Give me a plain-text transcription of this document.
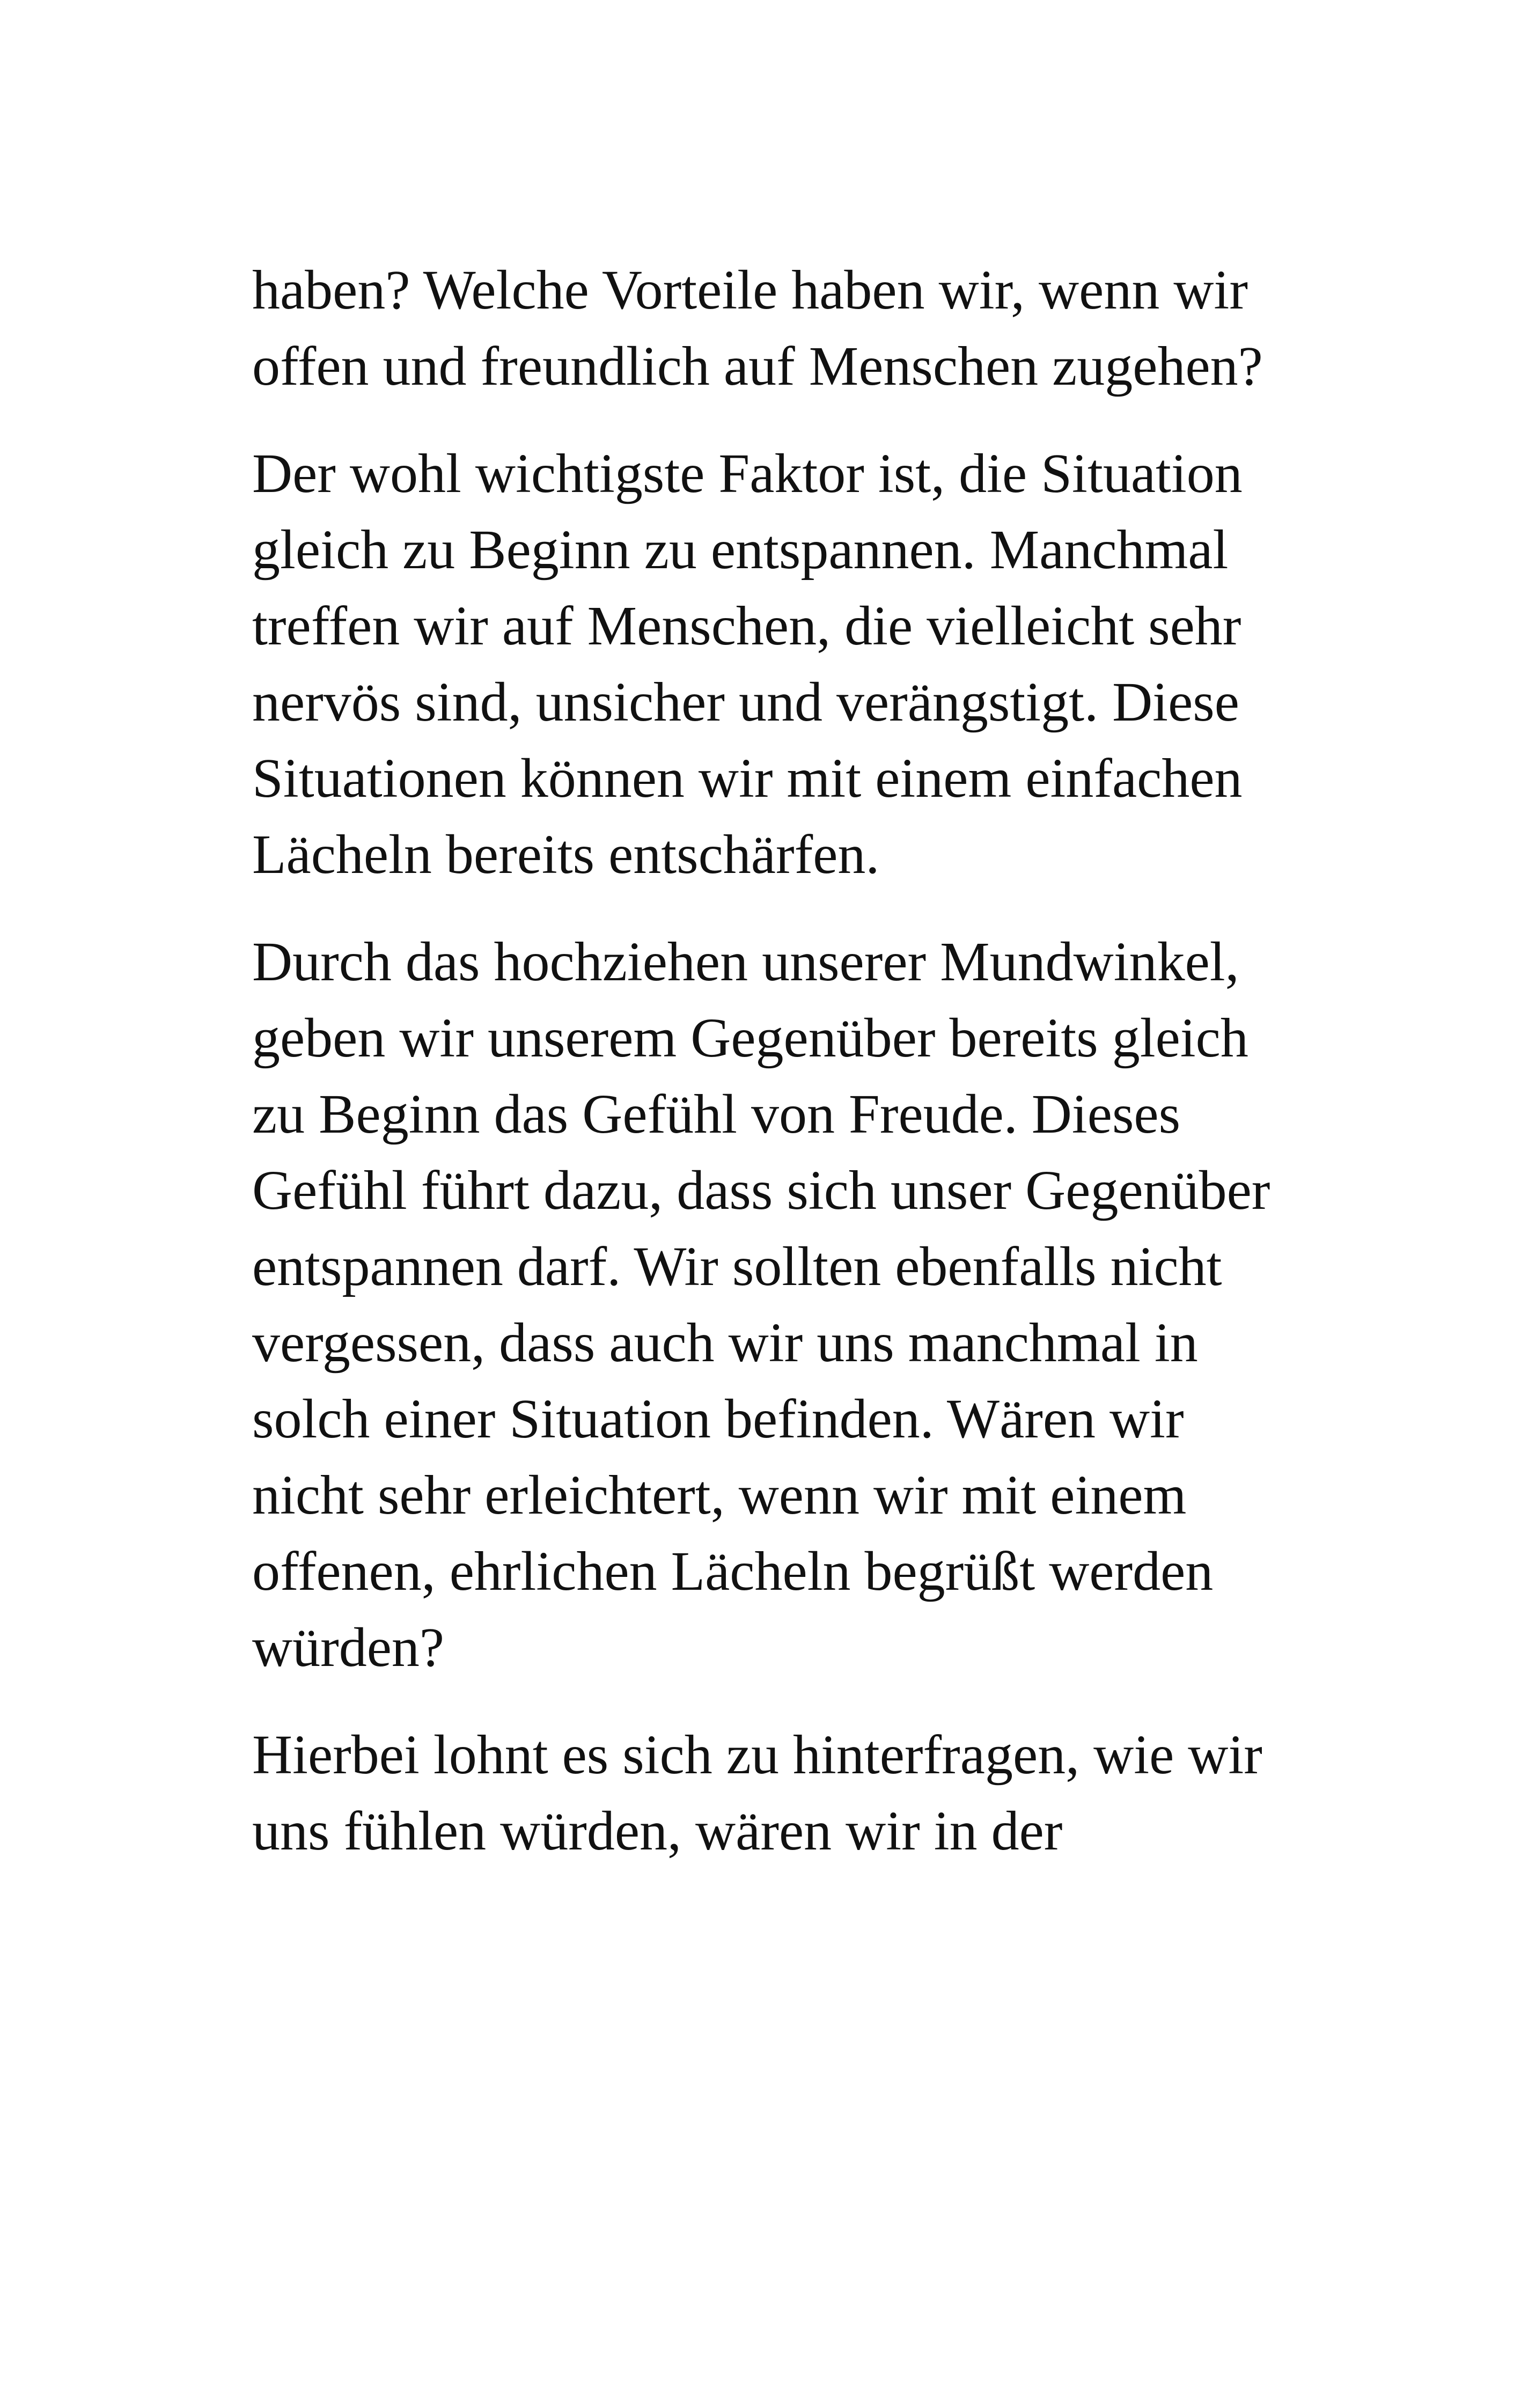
haben? Welche Vorteile haben wir, wenn wir offen und freundlich auf Menschen zugehen?

Der wohl wichtigste Faktor ist, die Situation gleich zu Beginn zu entspannen. Manchmal treffen wir auf Menschen, die vielleicht sehr nervös sind, unsicher und verängstigt. Diese Situationen können wir mit einem einfachen Lächeln bereits entschärfen.

Durch das hochziehen unserer Mundwinkel, geben wir unserem Gegenüber bereits gleich zu Beginn das Gefühl von Freude. Dieses Gefühl führt dazu, dass sich unser Gegenüber entspannen darf. Wir sollten ebenfalls nicht vergessen, dass auch wir uns manchmal in solch einer Situation befinden. Wären wir nicht sehr erleichtert, wenn wir mit einem offenen, ehrlichen Lächeln begrüßt werden würden?

Hierbei lohnt es sich zu hinterfragen, wie wir uns fühlen würden, wären wir in der
